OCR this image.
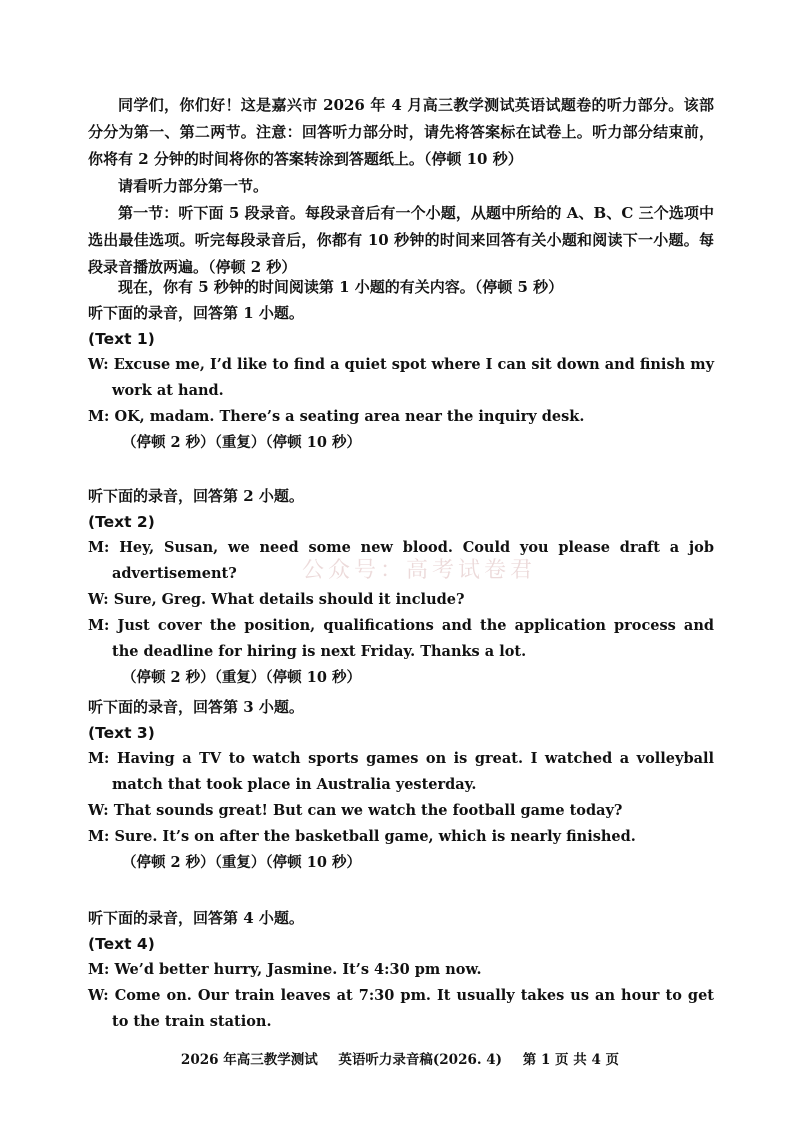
同学们，你们好！这是嘉兴市 2026 年 4 月高三教学测试英语试题卷的听力部分。该部分分为第一、第二两节。注意：回答听力部分时，请先将答案标在试卷上。听力部分结束前，你将有 2 分钟的时间将你的答案转涂到答题纸上。（停顿 10 秒）
请看听力部分第一节。
第一节：听下面 5 段录音。每段录音后有一个小题，从题中所给的 A、B、C 三个选项中选出最佳选项。听完每段录音后，你都有 10 秒钟的时间来回答有关小题和阅读下一小题。每段录音播放两遍。（停顿 2 秒）
现在，你有 5 秒钟的时间阅读第 1 小题的有关内容。（停顿 5 秒）

听下面的录音，回答第 1 小题。

(Text 1)

W: Excuse me, I’d like to find a quiet spot where I can sit down and finish my work at hand.

M: OK, madam. There’s a seating area near the inquiry desk.

（停顿 2 秒）（重复）（停顿 10 秒）

听下面的录音，回答第 2 小题。

(Text 2)

M: Hey, Susan, we need some new blood. Could you please draft a job advertisement?

W: Sure, Greg. What details should it include?

M: Just cover the position, qualifications and the application process and the deadline for hiring is next Friday. Thanks a lot.

（停顿 2 秒）（重复）（停顿 10 秒）

听下面的录音，回答第 3 小题。

(Text 3)

M: Having a TV to watch sports games on is great. I watched a volleyball match that took place in Australia yesterday.

W: That sounds great! But can we watch the football game today?

M: Sure. It’s on after the basketball game, which is nearly finished.

（停顿 2 秒）（重复）（停顿 10 秒）

听下面的录音，回答第 4 小题。

(Text 4)

M: We’d better hurry, Jasmine. It’s 4:30 pm now.

W: Come on. Our train leaves at 7:30 pm. It usually takes us an hour to get to the train station.

公众号：高考试卷君
2026 年高三教学测试 英语听力录音稿(2026. 4) 第 1 页 共 4 页
